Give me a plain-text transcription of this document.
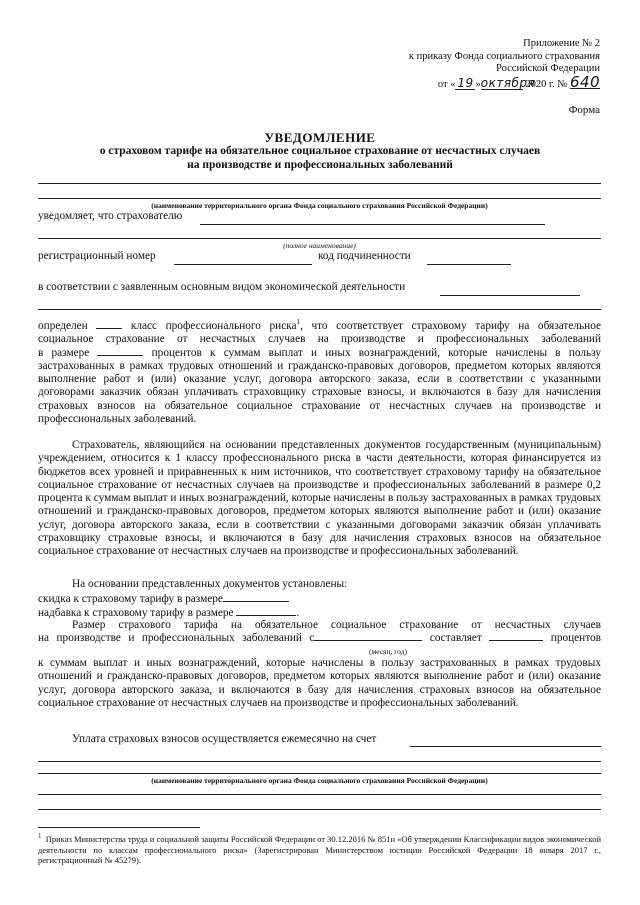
Приложение № 2
к приказу Фонда социального страхования
Российской Федерации
от « 19 »октября 2020 г. № 640
Форма
УВЕДОМЛЕНИЕ
о страховом тарифе на обязательное социальное страхование от несчастных случаев
на производстве и профессиональных заболеваний
(наименование территориального органа Фонда социального страхования Российской Федерации)
уведомляет, что страхователю
(полное наименование)
регистрационный номер	код подчиненности
в соответствии с заявленным основным видом экономической деятельности

определен	класс профессионального риска$^1$, что соответствует страховому тарифу на обязательное

социальное страхование от несчастных случаев на производстве и профессиональных заболеваний

в размере	процентов к суммам выплат и иных вознаграждений, которые начислены в пользу

застрахованных в рамках трудовых отношений и гражданско-правовых договоров, предметом которых являются выполнение работ и (или) оказание услуг, договора авторского заказа, если в соответствии с указанными договорами заказчик обязан уплачивать страховщику страховые взносы, и включаются в базу для начисления страховых взносов на обязательное социальное страхование от несчастных случаев на производстве и профессиональных заболеваний.

Страхователь, являющийся на основании представленных документов государственным (муниципальным) учреждением, относится к 1 классу профессионального риска в части деятельности, которая финансируется из бюджетов всех уровней и приравненных к ним источников, что соответствует страховому тарифу на обязательное социальное страхование от несчастных случаев на производстве и профессиональных заболеваний в размере 0,2 процента к суммам выплат и иных вознаграждений, которые начислены в пользу застрахованных в рамках трудовых отношений и гражданско-правовых договоров, предметом которых являются выполнение работ и (или) оказание услуг, договора авторского заказа, если в соответствии с указанными договорами заказчик обязан уплачивать страховщику страховые взносы, и включаются в базу для начисления страховых взносов на обязательное социальное страхование от несчастных случаев на производстве и профессиональных заболеваний.

На основании представленных документов установлены:
скидка к страховому тарифу в размере
надбавка к страховому тарифу в размере	.

Размер страхового тарифа на обязательное социальное страхование от несчастных случаев

на производстве и профессиональных заболеваний с	составляет	процентов

(месяц, год)

к суммам выплат и иных вознаграждений, которые начислены в пользу застрахованных в рамках трудовых отношений и гражданско-правовых договоров, предметом которых являются выполнение работ и (или) оказание услуг, договора авторского заказа, и включаются в базу для начисления страховых взносов на обязательное социальное страхование от несчастных случаев на производстве и профессиональных заболеваний.

Уплата страховых взносов осуществляется ежемесячно на счет
(наименование территориального органа Фонда социального страхования Российской Федерации)
$^1$ Приказ Министерства труда и социальной защиты Российской Федерации от 30.12.2016 № 851н «Об утверждении Классификации видов экономической деятельности по классам профессионального риска» (Зарегистрирован Министерством юстиции Российской Федерации 18 января 2017 г., регистрационный № 45279).
